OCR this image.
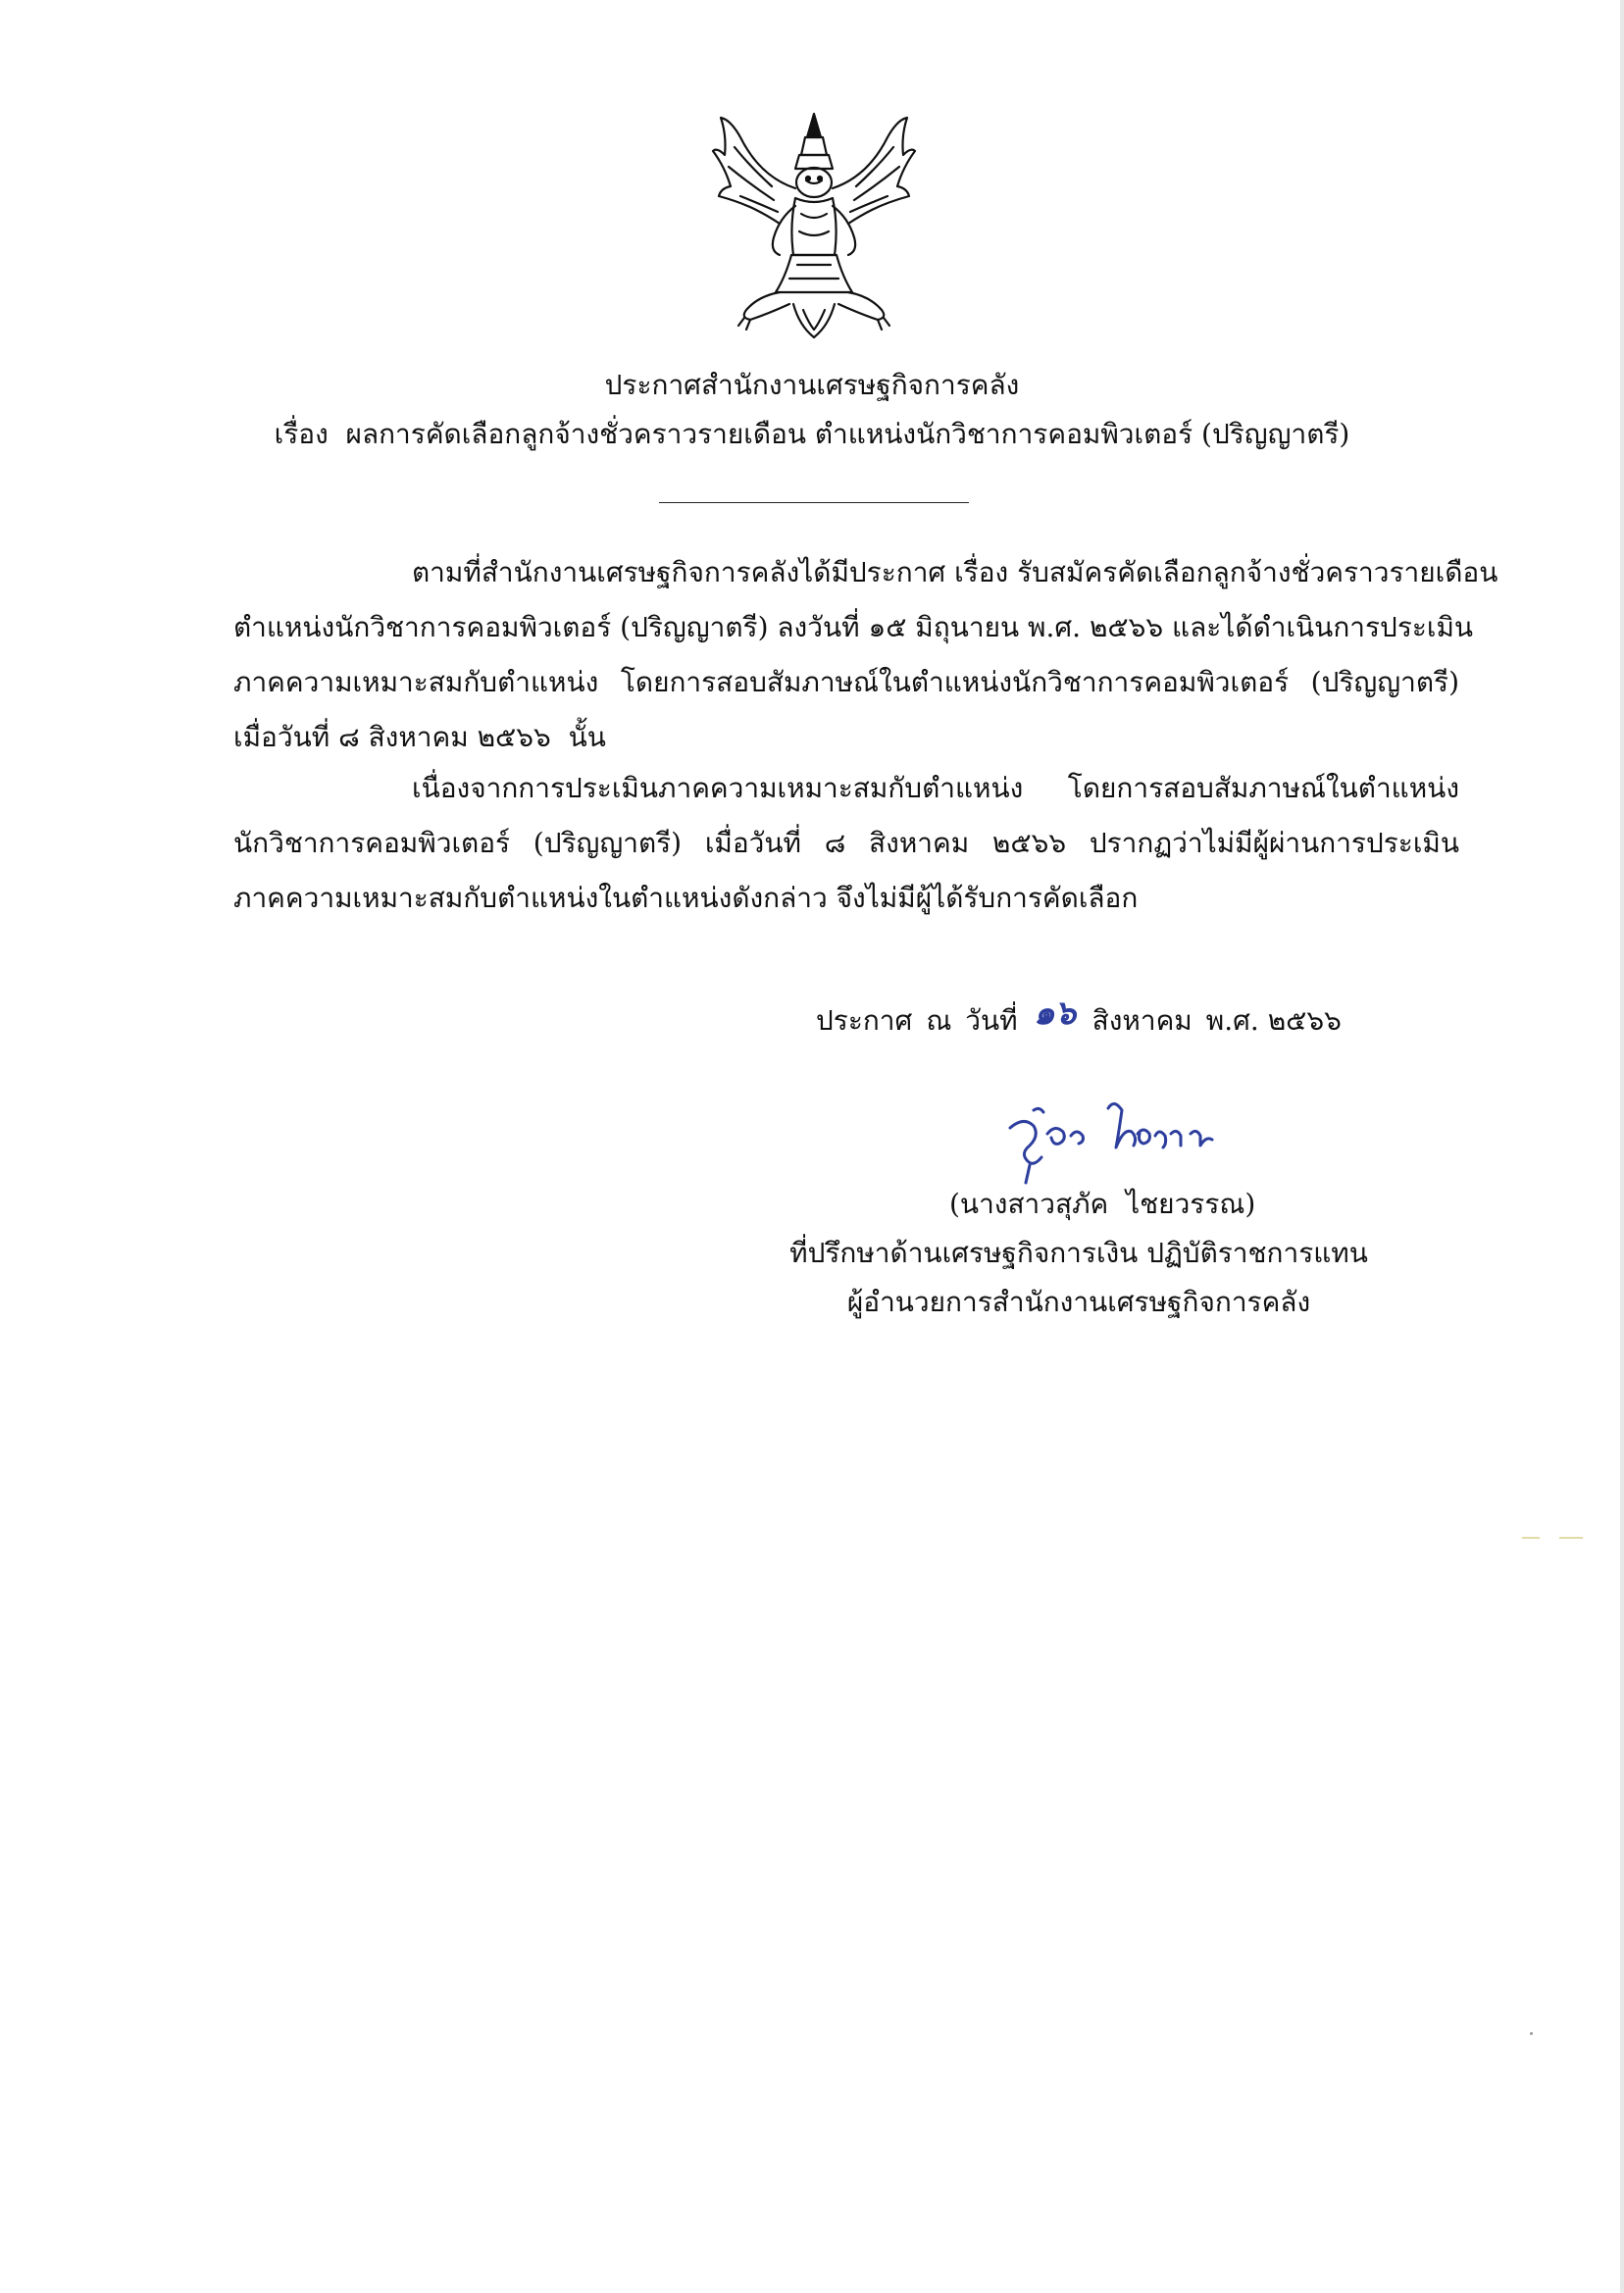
ประกาศสำนักงานเศรษฐกิจการคลัง
เรื่อง  ผลการคัดเลือกลูกจ้างชั่วคราวรายเดือน ตำแหน่งนักวิชาการคอมพิวเตอร์ (ปริญญาตรี)
ตามที่สำนักงานเศรษฐกิจการคลังได้มีประกาศ เรื่อง รับสมัครคัดเลือกลูกจ้างชั่วคราวรายเดือน
ตำแหน่งนักวิชาการคอมพิวเตอร์ (ปริญญาตรี) ลงวันที่ ๑๕ มิถุนายน พ.ศ. ๒๕๖๖ และได้ดำเนินการประเมิน
ภาคความเหมาะสมกับตำแหน่ง โดยการสอบสัมภาษณ์ในตำแหน่งนักวิชาการคอมพิวเตอร์ (ปริญญาตรี)
เมื่อวันที่ ๘ สิงหาคม ๒๕๖๖  นั้น
เนื่องจากการประเมินภาคความเหมาะสมกับตำแหน่ง โดยการสอบสัมภาษณ์ในตำแหน่ง
นักวิชาการคอมพิวเตอร์ (ปริญญาตรี) เมื่อวันที่ ๘ สิงหาคม ๒๕๖๖ ปรากฏว่าไม่มีผู้ผ่านการประเมิน
ภาคความเหมาะสมกับตำแหน่งในตำแหน่งดังกล่าว จึงไม่มีผู้ได้รับการคัดเลือก
ประกาศ ณ วันที่ ๑๖ สิงหาคม พ.ศ. ๒๕๖๖
(นางสาวสุภัค  ไชยวรรณ)
ที่ปรึกษาด้านเศรษฐกิจการเงิน ปฏิบัติราชการแทน
ผู้อำนวยการสำนักงานเศรษฐกิจการคลัง
